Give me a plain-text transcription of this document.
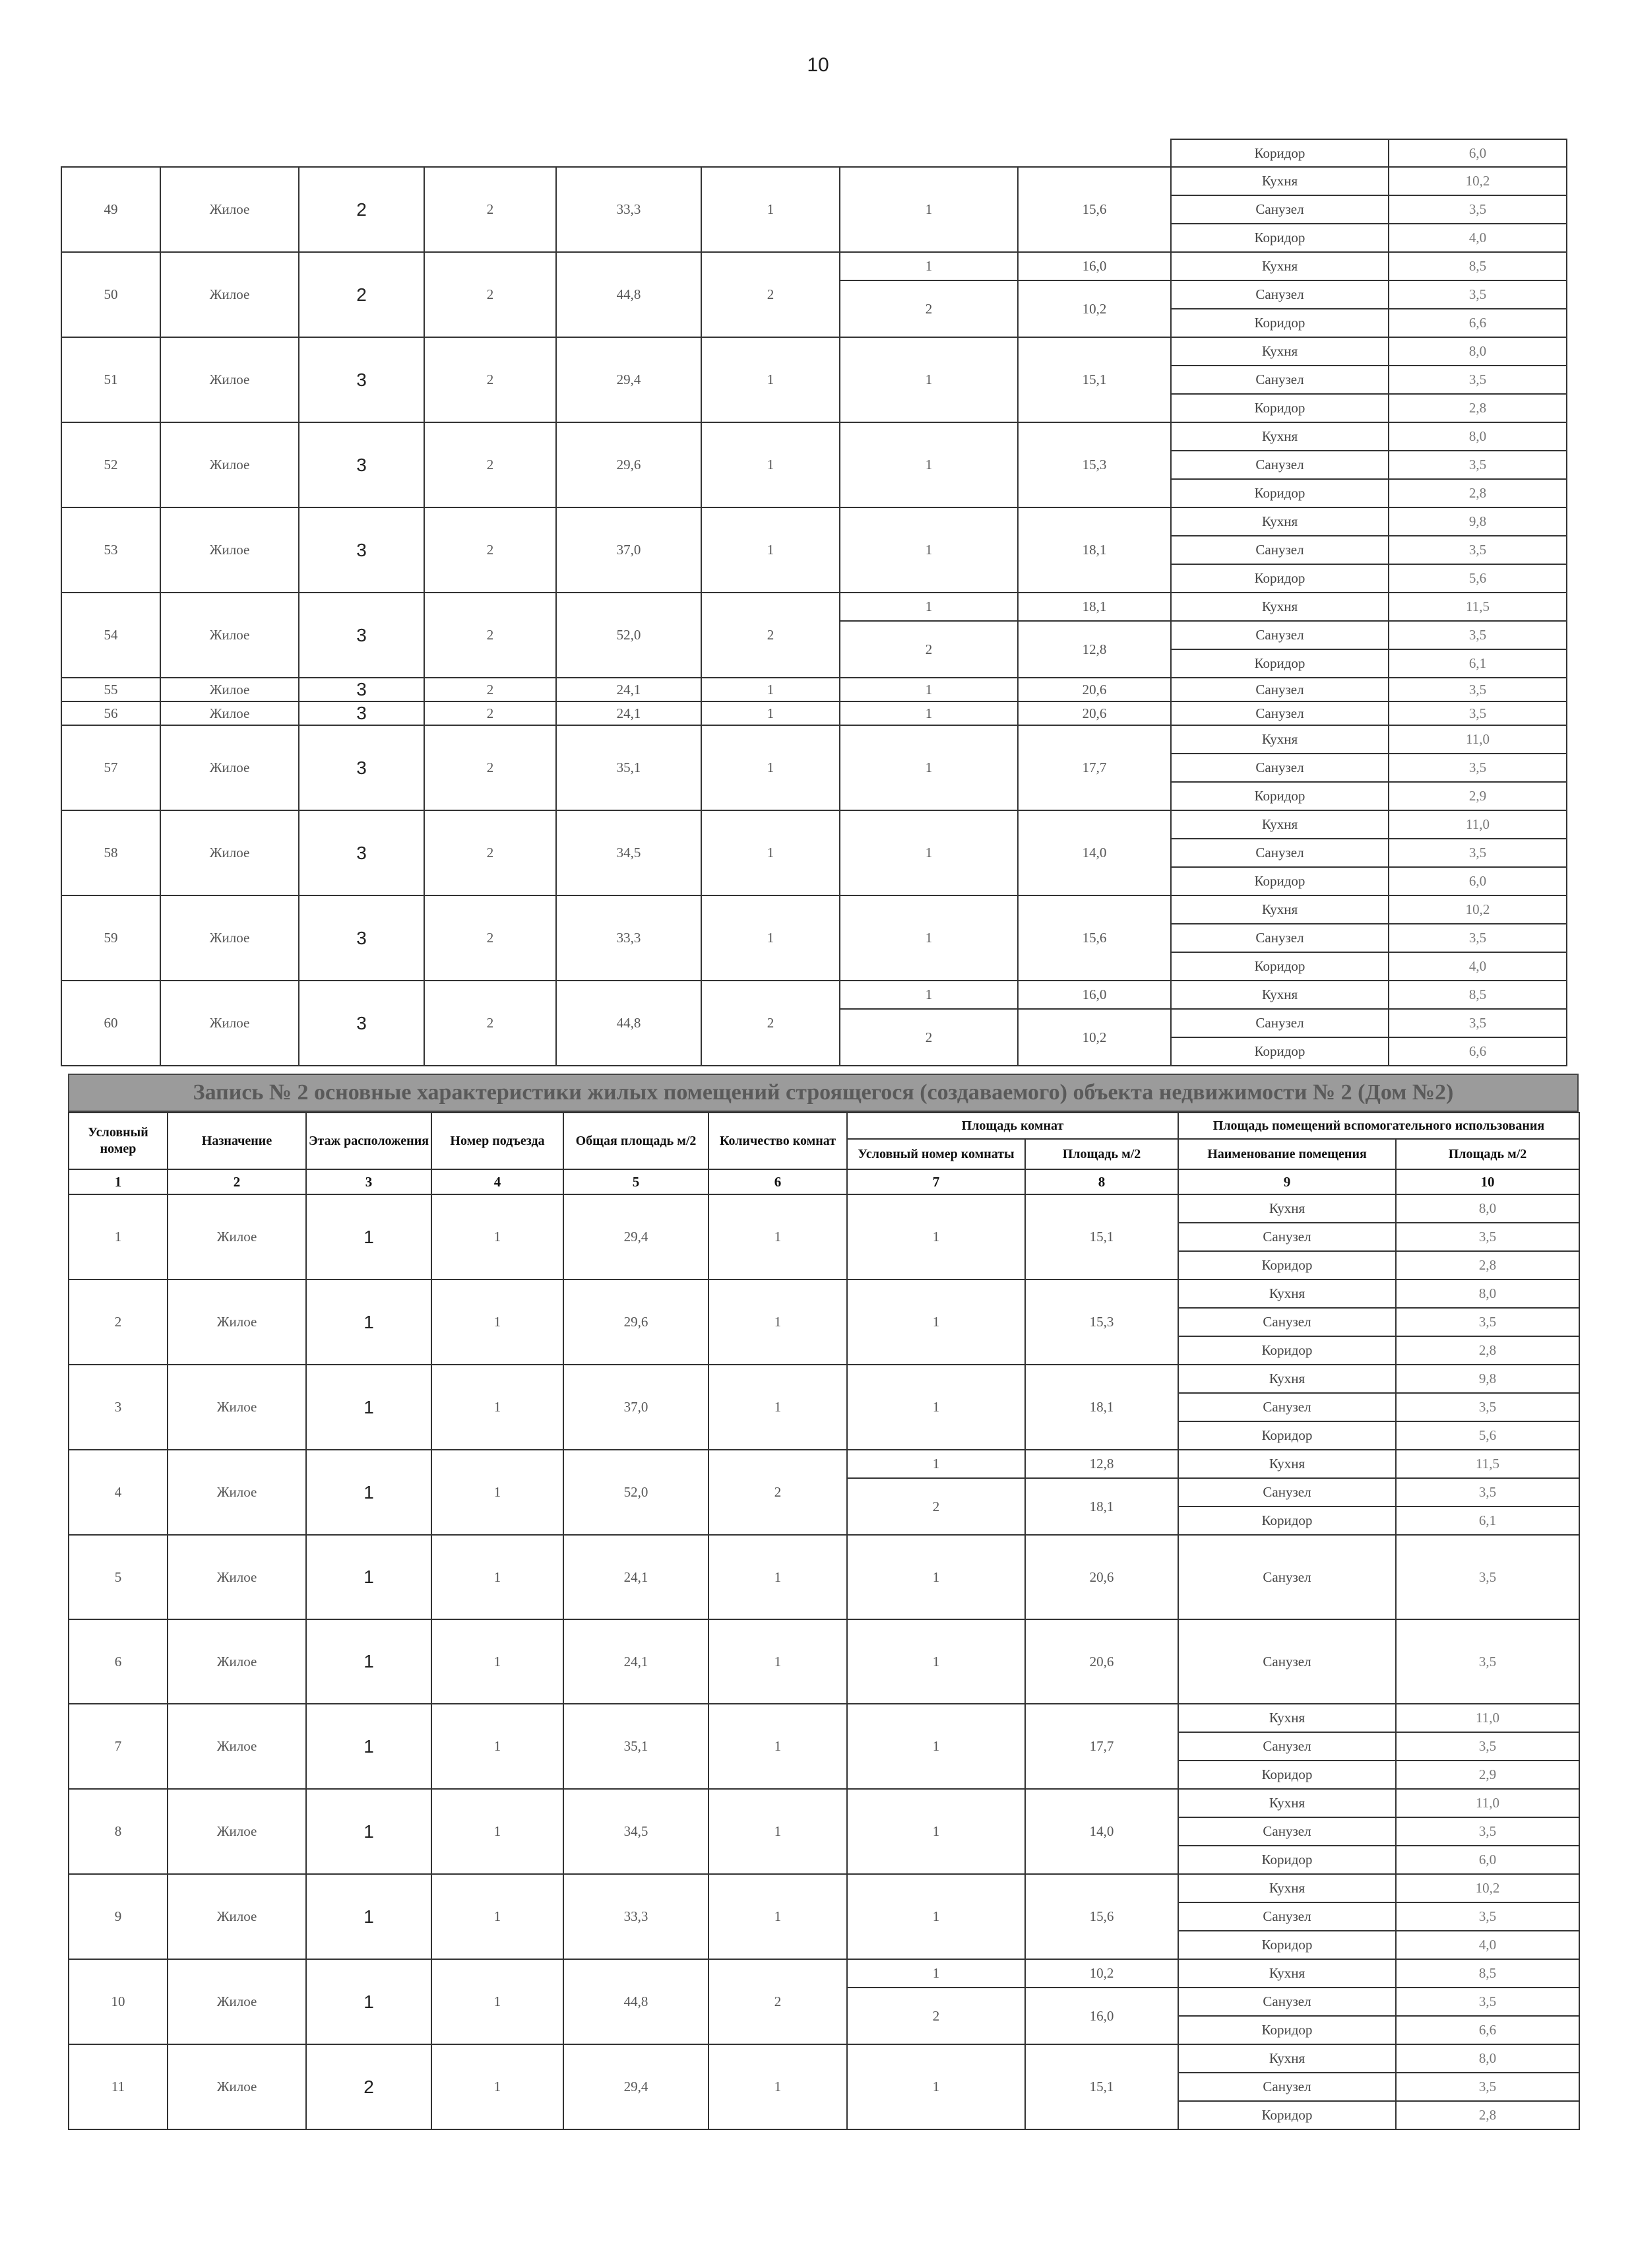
10
								Коридор	6,0
49	Жилое	2	2	33,3	1	1	15,6	Кухня	10,2
								Санузел	3,5
								Коридор	4,0
50	Жилое	2	2	44,8	2	1	16,0	Кухня	8,5
						2	10,2	Санузел	3,5
								Коридор	6,6
51	Жилое	3	2	29,4	1	1	15,1	Кухня	8,0
								Санузел	3,5
								Коридор	2,8
52	Жилое	3	2	29,6	1	1	15,3	Кухня	8,0
								Санузел	3,5
								Коридор	2,8
53	Жилое	3	2	37,0	1	1	18,1	Кухня	9,8
								Санузел	3,5
								Коридор	5,6
54	Жилое	3	2	52,0	2	1	18,1	Кухня	11,5
						2	12,8	Санузел	3,5
								Коридор	6,1
55	Жилое	3	2	24,1	1	1	20,6	Санузел	3,5
56	Жилое	3	2	24,1	1	1	20,6	Санузел	3,5
57	Жилое	3	2	35,1	1	1	17,7	Кухня	11,0
								Санузел	3,5
								Коридор	2,9
58	Жилое	3	2	34,5	1	1	14,0	Кухня	11,0
								Санузел	3,5
								Коридор	6,0
59	Жилое	3	2	33,3	1	1	15,6	Кухня	10,2
								Санузел	3,5
								Коридор	4,0
60	Жилое	3	2	44,8	2	1	16,0	Кухня	8,5
						2	10,2	Санузел	3,5
								Коридор	6,6
Запись № 2 основные характеристики жилых помещений строящегося (создаваемого) объекта недвижимости № 2 (Дом №2)
Условный номер	Назначение	Этаж расположения	Номер подъезда	Общая площадь м/2	Количество комнат	Площадь комнат		Площадь помещений вспомогательного использования	
						Условный номер комнаты	Площадь м/2	Наименование помещения	Площадь м/2
1	2	3	4	5	6	7	8	9	10
1	Жилое	1	1	29,4	1	1	15,1	Кухня	8,0
								Санузел	3,5
								Коридор	2,8
2	Жилое	1	1	29,6	1	1	15,3	Кухня	8,0
								Санузел	3,5
								Коридор	2,8
3	Жилое	1	1	37,0	1	1	18,1	Кухня	9,8
								Санузел	3,5
								Коридор	5,6
4	Жилое	1	1	52,0	2	1	12,8	Кухня	11,5
						2	18,1	Санузел	3,5
								Коридор	6,1
5	Жилое	1	1	24,1	1	1	20,6	Санузел	3,5
6	Жилое	1	1	24,1	1	1	20,6	Санузел	3,5
7	Жилое	1	1	35,1	1	1	17,7	Кухня	11,0
								Санузел	3,5
								Коридор	2,9
8	Жилое	1	1	34,5	1	1	14,0	Кухня	11,0
								Санузел	3,5
								Коридор	6,0
9	Жилое	1	1	33,3	1	1	15,6	Кухня	10,2
								Санузел	3,5
								Коридор	4,0
10	Жилое	1	1	44,8	2	1	10,2	Кухня	8,5
						2	16,0	Санузел	3,5
								Коридор	6,6
11	Жилое	2	1	29,4	1	1	15,1	Кухня	8,0
								Санузел	3,5
								Коридор	2,8
